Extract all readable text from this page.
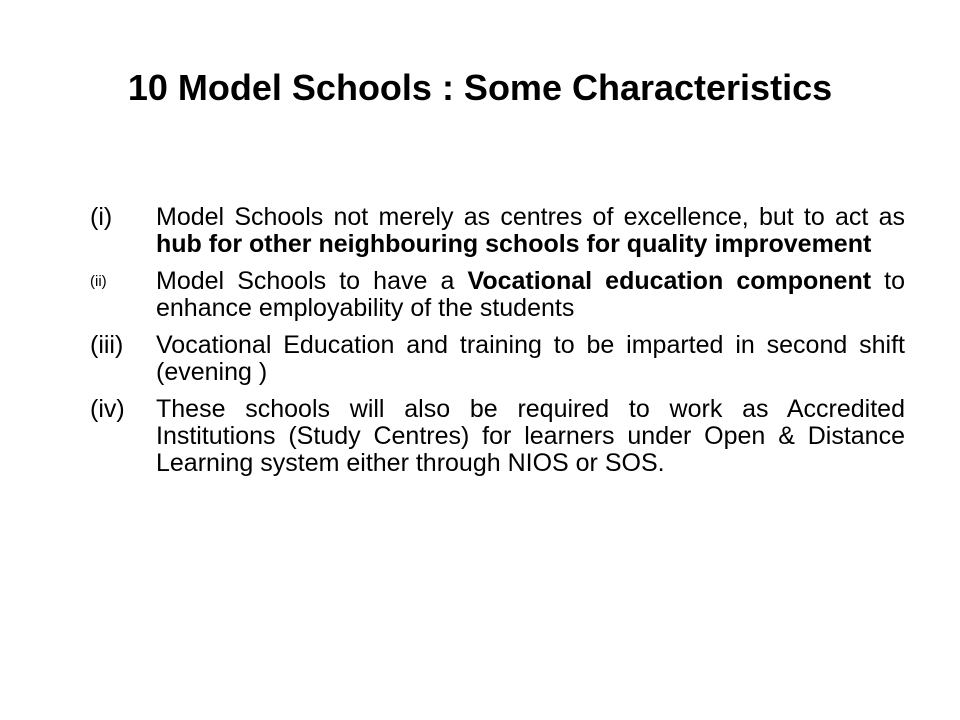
10 Model Schools : Some Characteristics
(i) Model Schools not merely as centres of excellence, but to act as hub for other neighbouring schools for quality improvement
(ii) Model Schools to have a Vocational education component to enhance employability of the students
(iii) Vocational Education and training to be imparted in second shift (evening )
(iv) These schools will also be required to work as Accredited Institutions (Study Centres) for learners under Open & Distance Learning system either through NIOS or SOS.
